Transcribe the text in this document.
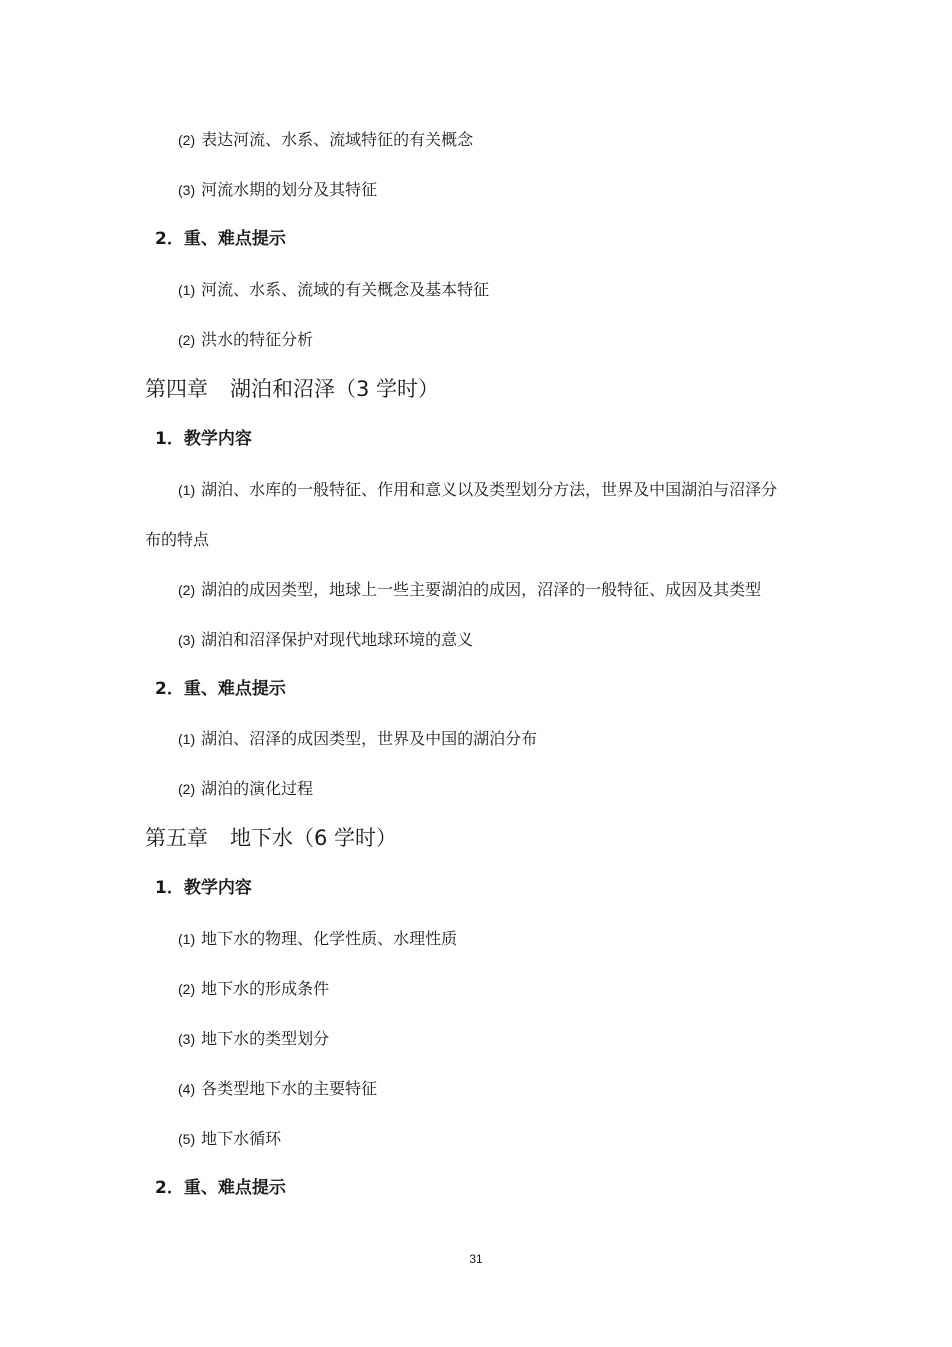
(2) 表达河流、水系、流域特征的有关概念
(3) 河流水期的划分及其特征
2．重、难点提示
(1) 河流、水系、流域的有关概念及基本特征
(2) 洪水的特征分析
第四章 湖泊和沼泽（3 学时）
1．教学内容
(1) 湖泊、水库的一般特征、作用和意义以及类型划分方法，世界及中国湖泊与沼泽分
布的特点
(2) 湖泊的成因类型，地球上一些主要湖泊的成因，沼泽的一般特征、成因及其类型
(3) 湖泊和沼泽保护对现代地球环境的意义
2．重、难点提示
(1) 湖泊、沼泽的成因类型，世界及中国的湖泊分布
(2) 湖泊的演化过程
第五章 地下水（6 学时）
1．教学内容
(1) 地下水的物理、化学性质、水理性质
(2) 地下水的形成条件
(3) 地下水的类型划分
(4) 各类型地下水的主要特征
(5) 地下水循环
2．重、难点提示
31
